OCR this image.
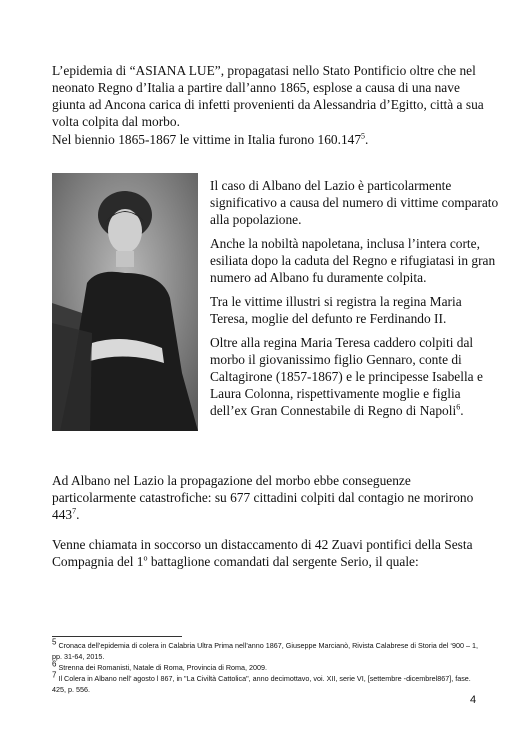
L’epidemia di “ASIANA LUE”, propagatasi nello Stato Pontificio oltre che nel neonato Regno d’Italia a partire dall’anno 1865, esplose a causa di una nave giunta ad Ancona carica di infetti provenienti da Alessandria d’Egitto, città a sua volta colpita dal morbo.

Nel biennio 1865-1867 le vittime in Italia furono 160.147$^5$.

Il caso di Albano del Lazio è particolarmente significativo a causa del numero di vittime comparato alla popolazione.

Anche la nobiltà napoletana, inclusa l’intera corte, esiliata dopo la caduta del Regno e rifugiatasi in gran numero ad Albano fu duramente colpita.

Tra le vittime illustri si registra la regina Maria Teresa, moglie del defunto re Ferdinando II.

Oltre alla regina Maria Teresa caddero colpiti dal morbo il giovanissimo figlio Gennaro, conte di Caltagirone (1857-1867) e le principesse Isabella e Laura Colonna, rispettivamente moglie e figlia dell’ex Gran Connestabile di Regno di Napoli$^6$.

Ad Albano nel Lazio la propagazione del morbo ebbe conseguenze particolarmente catastrofiche: su 677 cittadini colpiti dal contagio ne morirono $443^7$.

Venne chiamata in soccorso un distaccamento di 42 Zuavi pontifici della Sesta Compagnia del 1$^o$ battaglione comandati dal sergente Serio, il quale:

$^5$ Cronaca dell’epidemia di colera in Calabria Ultra Prima nell’anno 1867, Giuseppe Marcianò, Rivista Calabrese di Storia del ‘900 – 1, pp. 31-64, 2015.
$^6$ Strenna dei Romanisti, Natale di Roma, Provincia di Roma, 2009.
$^7$ Il Colera in Albano nell’ agosto l 867, in "La Civiltà Cattolica", anno decimottavo, voi. XII, serie VI, [settembre -dicembrel867], fase. 425, p. 556.
4
